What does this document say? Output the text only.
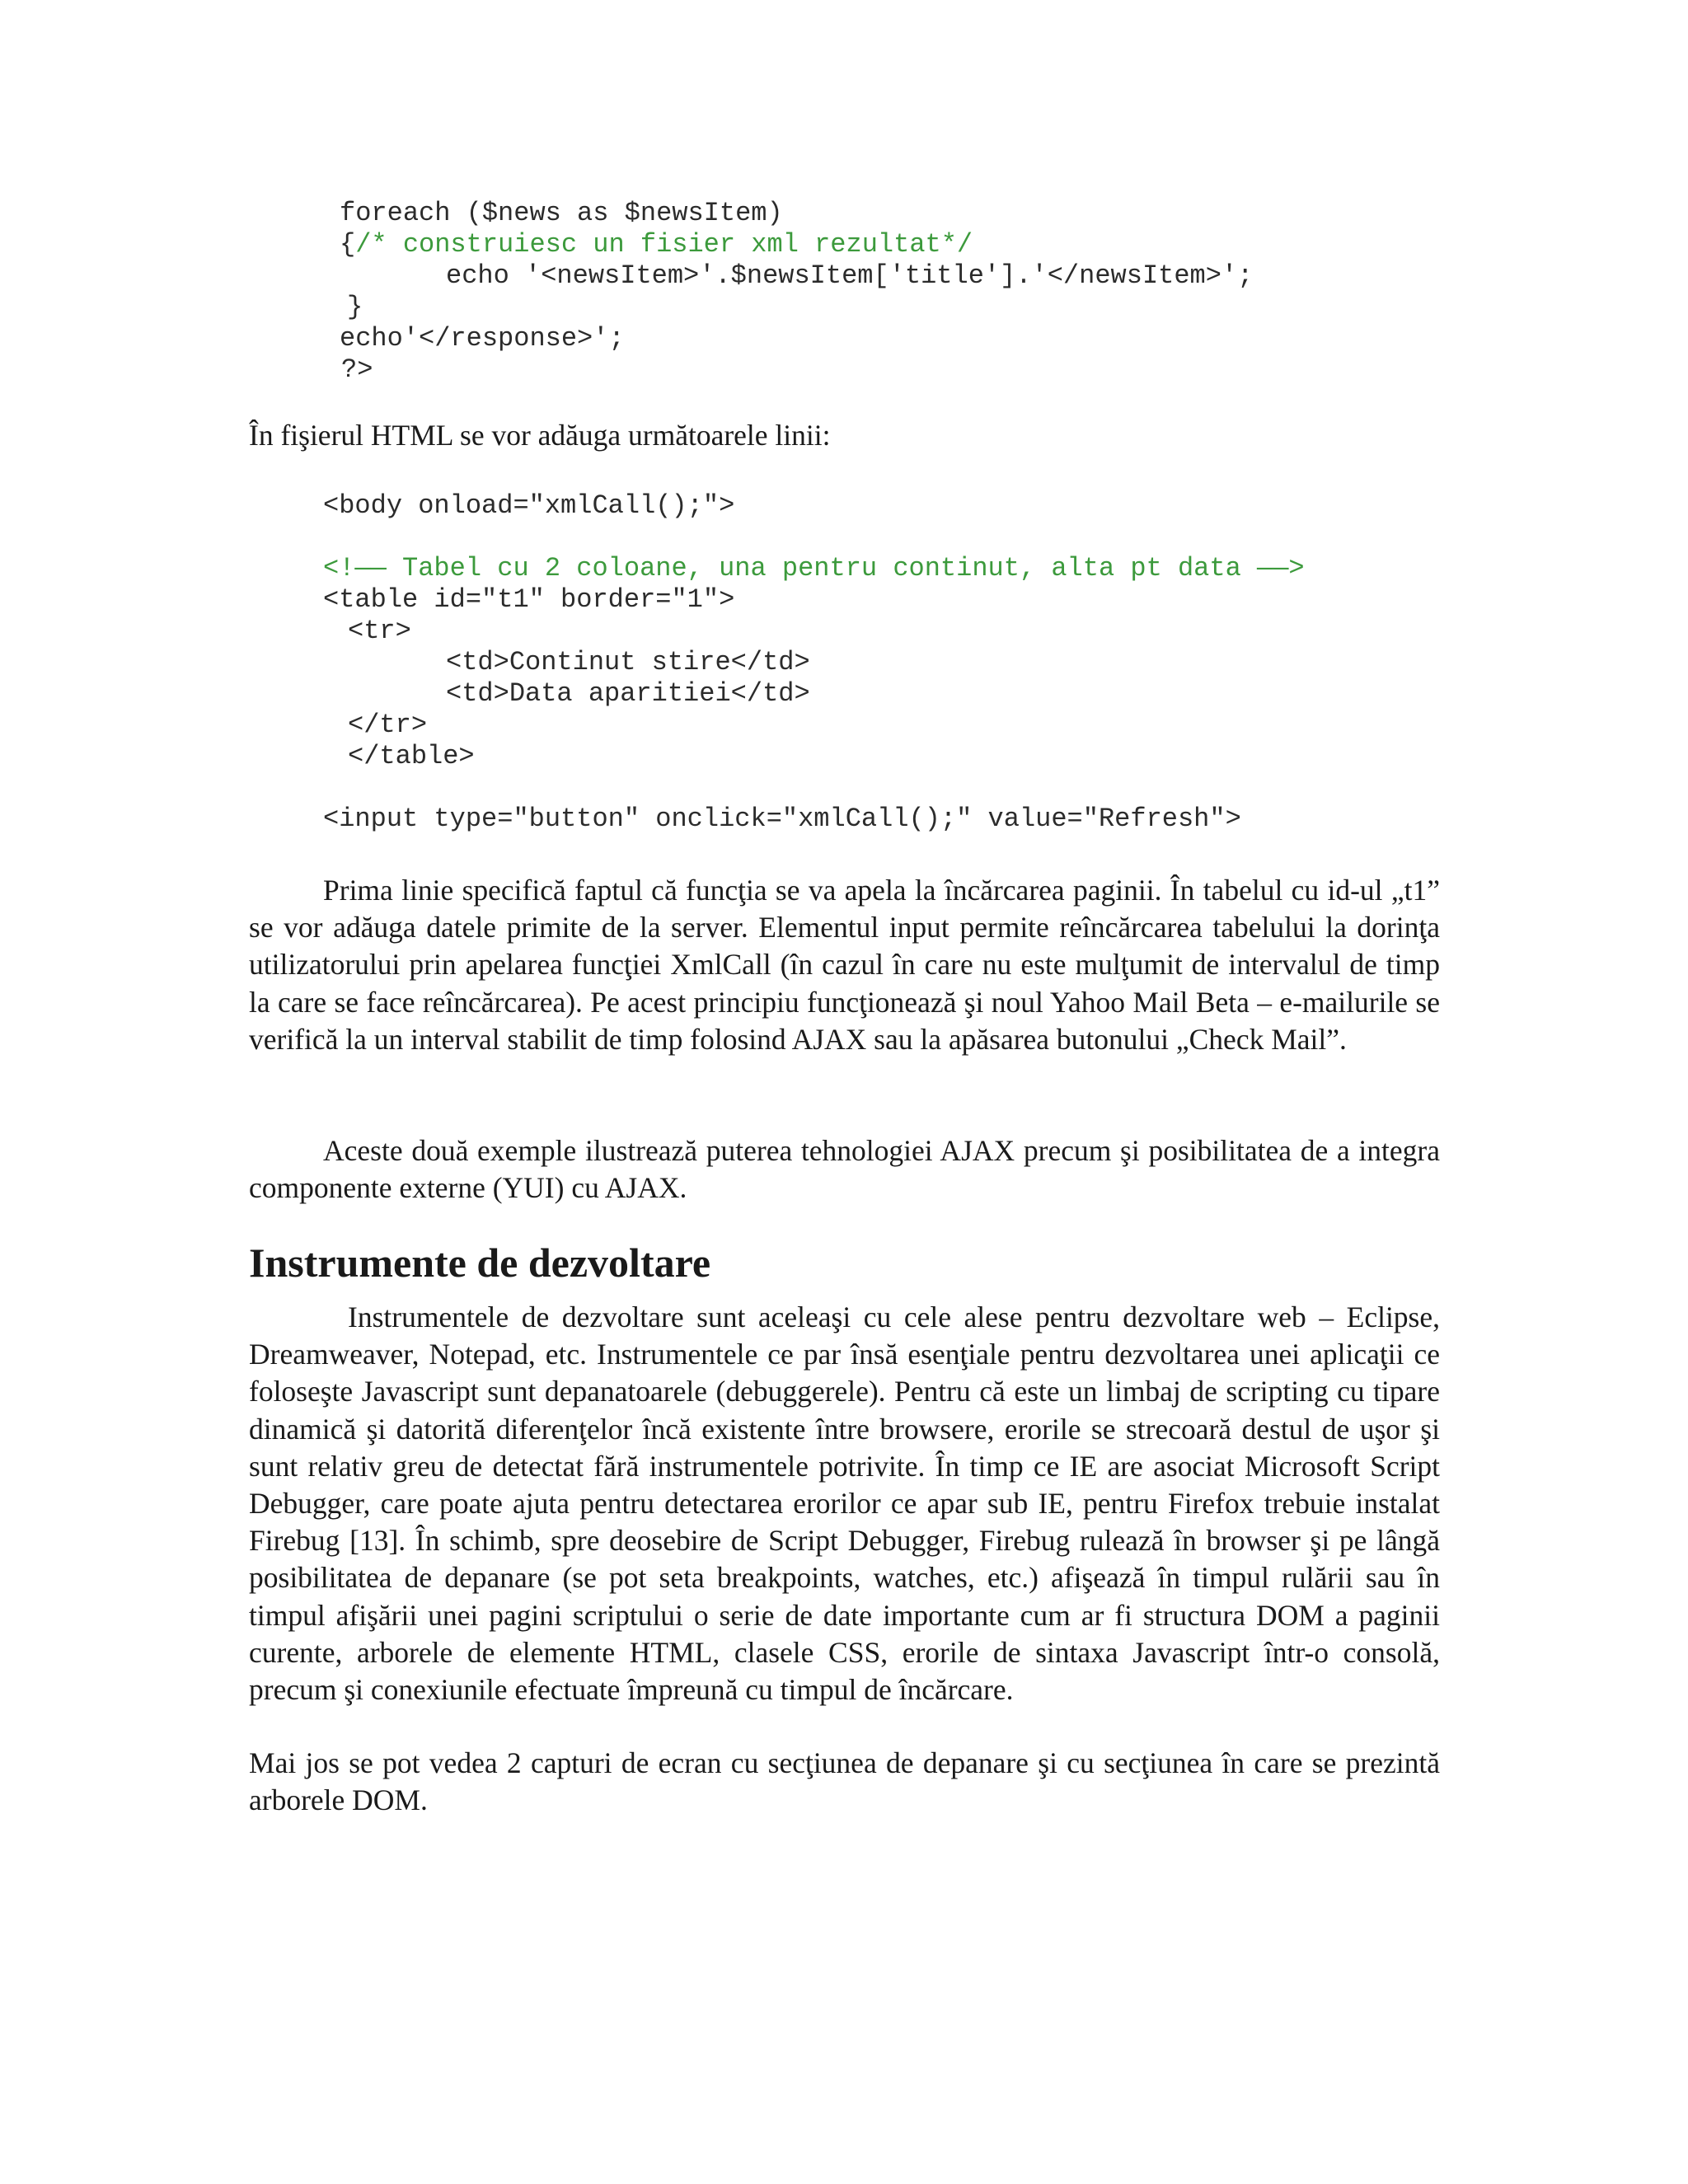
foreach ($news as $newsItem)
{/* construiesc un fisier xml rezultat*/
echo '<newsItem>'.$newsItem['title'].'</newsItem>';
}
echo'</response>';
?>

În fişierul HTML se vor adăuga următoarele linii:

<body onload="xmlCall();">
<!—— Tabel cu 2 coloane, una pentru continut, alta pt data ——>
<table id="t1" border="1">
<tr>
<td>Continut stire</td>
<td>Data aparitiei</td>
</tr>
</table>
<input type="button" onclick="xmlCall();" value="Refresh">

Prima linie specifică faptul că funcţia se va apela la încărcarea paginii. În tabelul cu id-ul „t1” se vor adăuga datele primite de la server. Elementul input permite reîncărcarea tabelului la dorinţa utilizatorului prin apelarea funcţiei XmlCall (în cazul în care nu este mulţumit de intervalul de timp la care se face reîncărcarea). Pe acest principiu funcţionează şi noul Yahoo Mail Beta – e-mailurile se verifică la un interval stabilit de timp folosind AJAX sau la apăsarea butonului „Check Mail”.

Aceste două exemple ilustrează puterea tehnologiei AJAX precum şi posibilitatea de a integra componente externe (YUI) cu AJAX.

Instrumente de dezvoltare

Instrumentele de dezvoltare sunt aceleaşi cu cele alese pentru dezvoltare web – Eclipse, Dreamweaver, Notepad, etc. Instrumentele ce par însă esenţiale pentru dezvoltarea unei aplicaţii ce foloseşte Javascript sunt depanatoarele (debuggerele). Pentru că este un limbaj de scripting cu tipare dinamică şi datorită diferenţelor încă existente între browsere, erorile se strecoară destul de uşor şi sunt relativ greu de detectat fără instrumentele potrivite. În timp ce IE are asociat Microsoft Script Debugger, care poate ajuta pentru detectarea erorilor ce apar sub IE, pentru Firefox trebuie instalat Firebug [13]. În schimb, spre deosebire de Script Debugger, Firebug rulează în browser şi pe lângă posibilitatea de depanare (se pot seta breakpoints, watches, etc.) afişează în timpul rulării sau în timpul afişării unei pagini scriptului o serie de date importante cum ar fi structura DOM a paginii curente, arborele de elemente HTML, clasele CSS, erorile de sintaxa Javascript într-o consolă, precum şi conexiunile efectuate împreună cu timpul de încărcare.

Mai jos se pot vedea 2 capturi de ecran cu secţiunea de depanare şi cu secţiunea în care se prezintă arborele DOM.
